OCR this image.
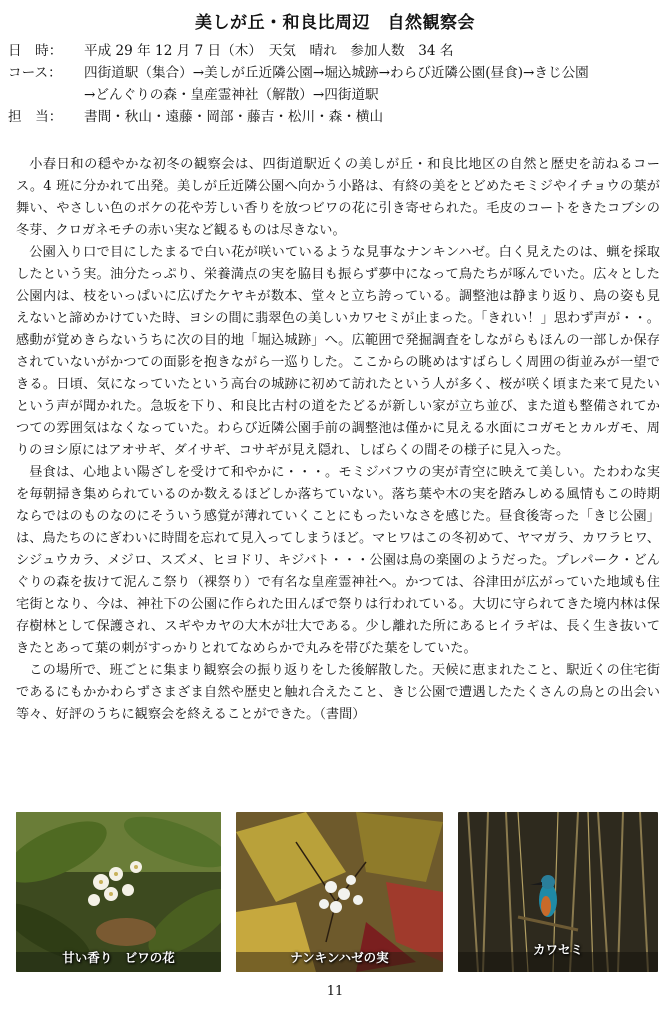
美しが丘・和良比周辺　自然観察会
日　時：	平成 29 年 12 月 7 日（木）　天気　晴れ　参加人数　34 名
コース：	四街道駅（集合）→美しが丘近隣公園→堀込城跡→わらび近隣公園(昼食)→きじ公園
→どんぐりの森・皇産霊神社（解散）→四街道駅
担　当：	書間・秋山・遠藤・岡部・藤吉・松川・森・横山

小春日和の穏やかな初冬の観察会は、四街道駅近くの美しが丘・和良比地区の自然と歴史を訪ねるコース。4 班に分かれて出発。美しが丘近隣公園へ向かう小路は、有終の美をとどめたモミジやイチョウの葉が舞い、やさしい色のボケの花や芳しい香りを放つビワの花に引き寄せられた。毛皮のコートをきたコブシの冬芽、クロガネモチの赤い実など観るものは尽きない。

公園入り口で目にしたまるで白い花が咲いているような見事なナンキンハゼ。白く見えたのは、蝋を採取したという実。油分たっぷり、栄養満点の実を脇目も振らず夢中になって鳥たちが啄んでいた。広々とした公園内は、枝をいっぱいに広げたケヤキが数本、堂々と立ち誇っている。調整池は静まり返り、鳥の姿も見えないと諦めかけていた時、ヨシの間に翡翠色の美しいカワセミが止まった。「きれい！」思わず声が・・。感動が覚めきらないうちに次の目的地「堀込城跡」へ。広範囲で発掘調査をしながらもほんの一部しか保存されていないがかつての面影を抱きながら一巡りした。ここからの眺めはすばらしく周囲の街並みが一望できる。日頃、気になっていたという高台の城跡に初めて訪れたという人が多く、桜が咲く頃また来て見たいという声が聞かれた。急坂を下り、和良比古村の道をたどるが新しい家が立ち並び、また道も整備されてかつての雰囲気はなくなっていた。わらび近隣公園手前の調整池は僅かに見える水面にコガモとカルガモ、周りのヨシ原にはアオサギ、ダイサギ、コサギが見え隠れ、しばらくの間その様子に見入った。

昼食は、心地よい陽ざしを受けて和やかに・・・。モミジバフウの実が青空に映えて美しい。たわわな実を毎朝掃き集められているのか数えるほどしか落ちていない。落ち葉や木の実を踏みしめる風情もこの時期ならではのものなのにそういう感覚が薄れていくことにもったいなさを感じた。昼食後寄った「きじ公園」は、鳥たちのにぎわいに時間を忘れて見入ってしまうほど。マヒワはこの冬初めて、ヤマガラ、カワラヒワ、シジュウカラ、メジロ、スズメ、ヒヨドリ、キジバト・・・公園は鳥の楽園のようだった。プレパーク・どんぐりの森を抜けて泥んこ祭り（裸祭り）で有名な皇産霊神社へ。かつては、谷津田が広がっていた地域も住宅街となり、今は、神社下の公園に作られた田んぼで祭りは行われている。大切に守られてきた境内林は保存樹林として保護され、スギやカヤの大木が壮大である。少し離れた所にあるヒイラギは、長く生き抜いてきたとあって葉の刺がすっかりとれてなめらかで丸みを帯びた葉をしていた。

この場所で、班ごとに集まり観察会の振り返りをした後解散した。天候に恵まれたこと、駅近くの住宅街であるにもかかわらずさまざま自然や歴史と触れ合えたこと、きじ公園で遭遇したたくさんの鳥との出会い等々、好評のうちに観察会を終えることができた。（書間）

甘い香り　ビワの花	ナンキンハゼの実
カワセミ
11
